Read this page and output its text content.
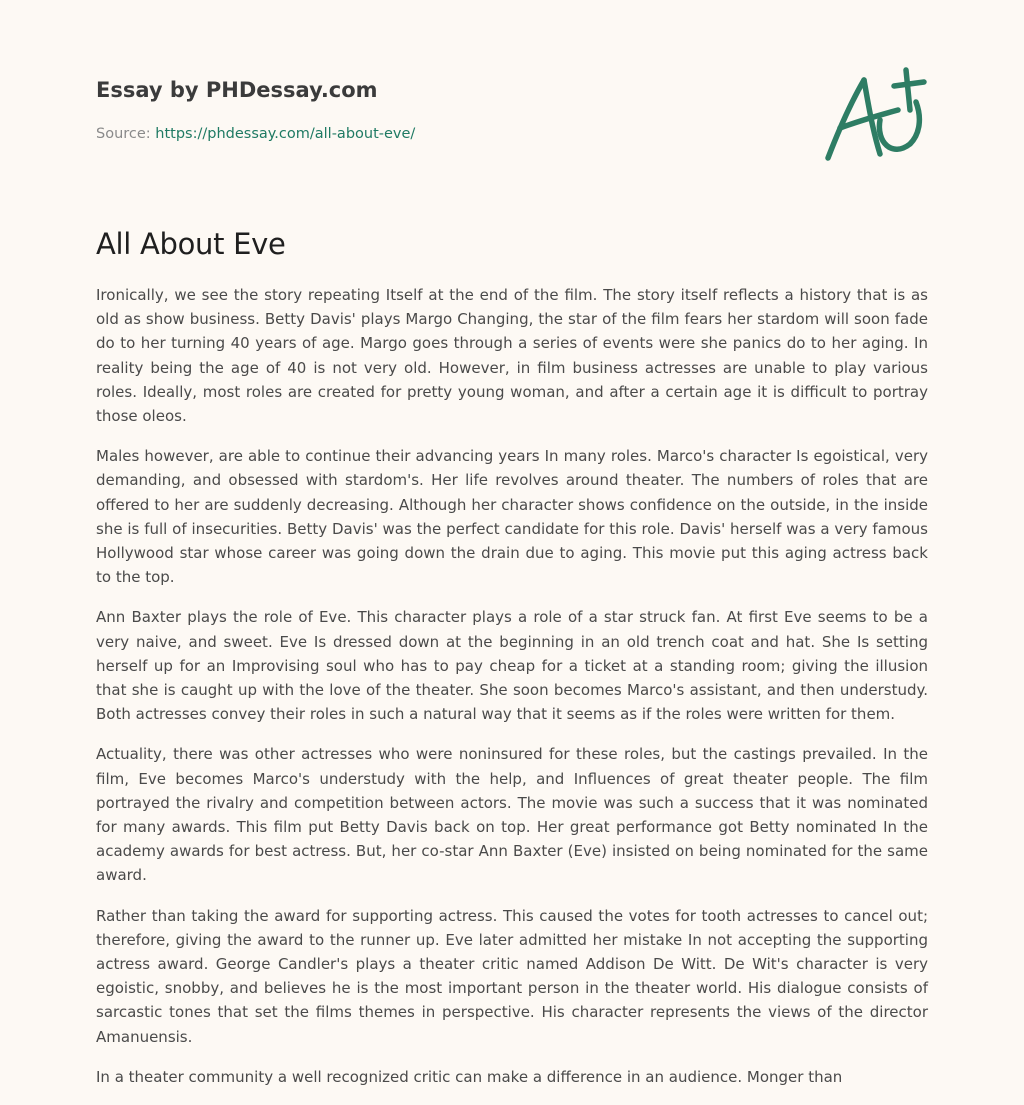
Essay by PHDessay.com
Source: https://phdessay.com/all-about-eve/
All About Eve

Ironically, we see the story repeating Itself at the end of the film. The story itself reflects a history that is as old as show business. Betty Davis' plays Margo Changing, the star of the film fears her stardom will soon fade do to her turning 40 years of age. Margo goes through a series of events were she panics do to her aging. In reality being the age of 40 is not very old. However, in film business actresses are unable to play various roles. Ideally, most roles are created for pretty young woman, and after a certain age it is difficult to portray those oleos.

Males however, are able to continue their advancing years In many roles. Marco's character Is egoistical, very demanding, and obsessed with stardom's. Her life revolves around theater. The numbers of roles that are offered to her are suddenly decreasing. Although her character shows confidence on the outside, in the inside she is full of insecurities. Betty Davis' was the perfect candidate for this role. Davis' herself was a very famous Hollywood star whose career was going down the drain due to aging. This movie put this aging actress back to the top.

Ann Baxter plays the role of Eve. This character plays a role of a star struck fan. At first Eve seems to be a very naive, and sweet. Eve Is dressed down at the beginning in an old trench coat and hat. She Is setting herself up for an Improvising soul who has to pay cheap for a ticket at a standing room; giving the illusion that she is caught up with the love of the theater. She soon becomes Marco's assistant, and then understudy. Both actresses convey their roles in such a natural way that it seems as if the roles were written for them.

Actuality, there was other actresses who were noninsured for these roles, but the castings prevailed. In the film, Eve becomes Marco's understudy with the help, and Influences of great theater people. The film portrayed the rivalry and competition between actors. The movie was such a success that it was nominated for many awards. This film put Betty Davis back on top. Her great performance got Betty nominated In the academy awards for best actress. But, her co-star Ann Baxter (Eve) insisted on being nominated for the same award.

Rather than taking the award for supporting actress. This caused the votes for tooth actresses to cancel out; therefore, giving the award to the runner up. Eve later admitted her mistake In not accepting the supporting actress award. George Candler's plays a theater critic named Addison De Witt. De Wit's character is very egoistic, snobby, and believes he is the most important person in the theater world. His dialogue consists of sarcastic tones that set the films themes in perspective. His character represents the views of the director Amanuensis.

In a theater community a well recognized critic can make a difference in an audience. Monger than
